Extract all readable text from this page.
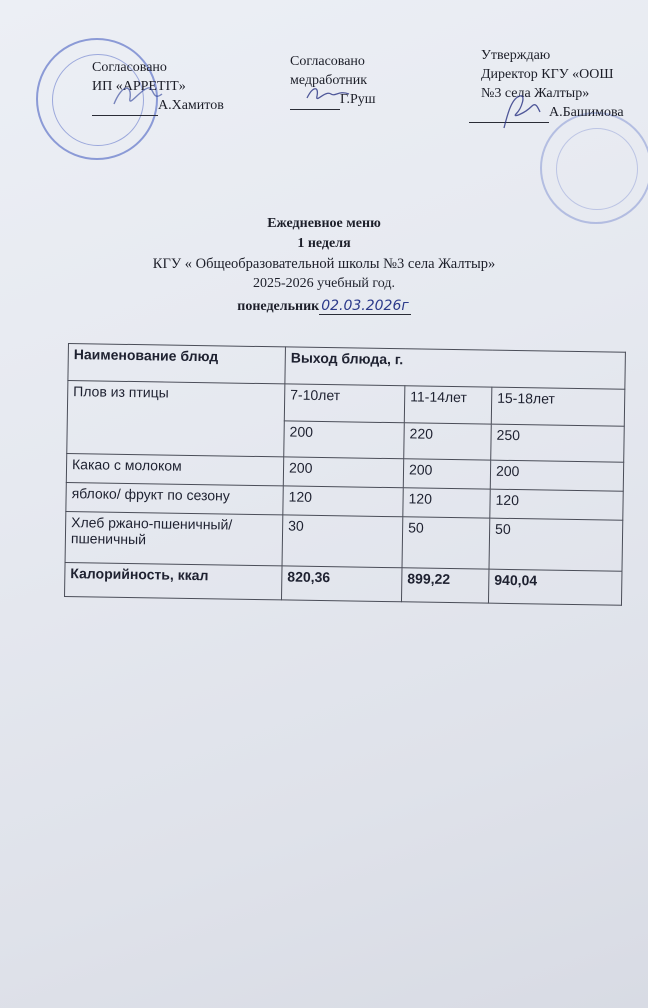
Согласовано
ИП «APPETIT»
А.Хамитов
Согласовано
медработник
Г.Руш
Утверждаю
Директор КГУ «ООШ
№3 села Жалтыр»
А.Башимова
Ежедневное меню
1 неделя
КГУ « Общеобразовательной школы №3 села Жалтыр»
2025-2026 учебный год.
понедельник 02.03.2026г
Наименование блюд	Выход блюда, г.		
Плов из птицы	7-10лет	11-14лет	15-18лет
	200	220	250
Какао с молоком	200	200	200
яблоко/ фрукт по сезону	120	120	120
Хлеб ржано-пшеничный/пшеничный	30	50	50
Калорийность, ккал	820,36	899,22	940,04
